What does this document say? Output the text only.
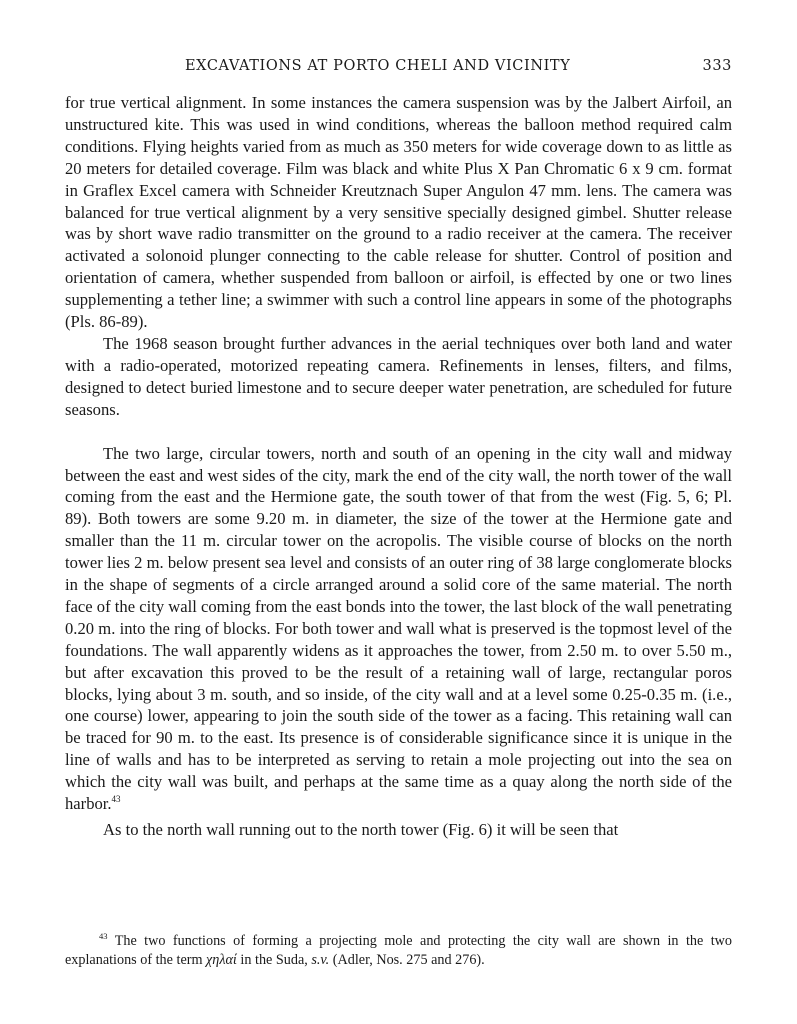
EXCAVATIONS AT PORTO CHELI AND VICINITY	333

for true vertical alignment. In some instances the camera suspension was by the Jalbert Airfoil, an unstructured kite. This was used in wind conditions, whereas the balloon method required calm conditions. Flying heights varied from as much as 350 meters for wide coverage down to as little as 20 meters for detailed coverage. Film was black and white Plus X Pan Chromatic 6 x 9 cm. format in Graflex Excel camera with Schneider Kreutznach Super Angulon 47 mm. lens. The camera was balanced for true vertical alignment by a very sensitive specially designed gimbel. Shutter release was by short wave radio transmitter on the ground to a radio receiver at the camera. The receiver activated a solonoid plunger connecting to the cable release for shutter. Control of position and orientation of camera, whether suspended from balloon or airfoil, is effected by one or two lines supplementing a tether line; a swimmer with such a control line appears in some of the photographs (Pls. 86-89).

The 1968 season brought further advances in the aerial techniques over both land and water with a radio-operated, motorized repeating camera. Refinements in lenses, filters, and films, designed to detect buried limestone and to secure deeper water penetration, are scheduled for future seasons.

The two large, circular towers, north and south of an opening in the city wall and midway between the east and west sides of the city, mark the end of the city wall, the north tower of the wall coming from the east and the Hermione gate, the south tower of that from the west (Fig. 5, 6; Pl. 89). Both towers are some 9.20 m. in diameter, the size of the tower at the Hermione gate and smaller than the 11 m. circular tower on the acropolis. The visible course of blocks on the north tower lies 2 m. below present sea level and consists of an outer ring of 38 large conglomerate blocks in the shape of segments of a circle arranged around a solid core of the same material. The north face of the city wall coming from the east bonds into the tower, the last block of the wall penetrating 0.20 m. into the ring of blocks. For both tower and wall what is preserved is the topmost level of the foundations. The wall apparently widens as it approaches the tower, from 2.50 m. to over 5.50 m., but after excavation this proved to be the result of a retaining wall of large, rectangular poros blocks, lying about 3 m. south, and so inside, of the city wall and at a level some 0.25-0.35 m. (i.e., one course) lower, appearing to join the south side of the tower as a facing. This retaining wall can be traced for 90 m. to the east. Its presence is of considerable significance since it is unique in the line of walls and has to be interpreted as serving to retain a mole projecting out into the sea on which the city wall was built, and perhaps at the same time as a quay along the north side of the harbor.$^{43}$

As to the north wall running out to the north tower (Fig. 6) it will be seen that

$^{43}$ The two functions of forming a projecting mole and protecting the city wall are shown in the two explanations of the term χηλαί in the Suda, s.v. (Adler, Nos. 275 and 276).
